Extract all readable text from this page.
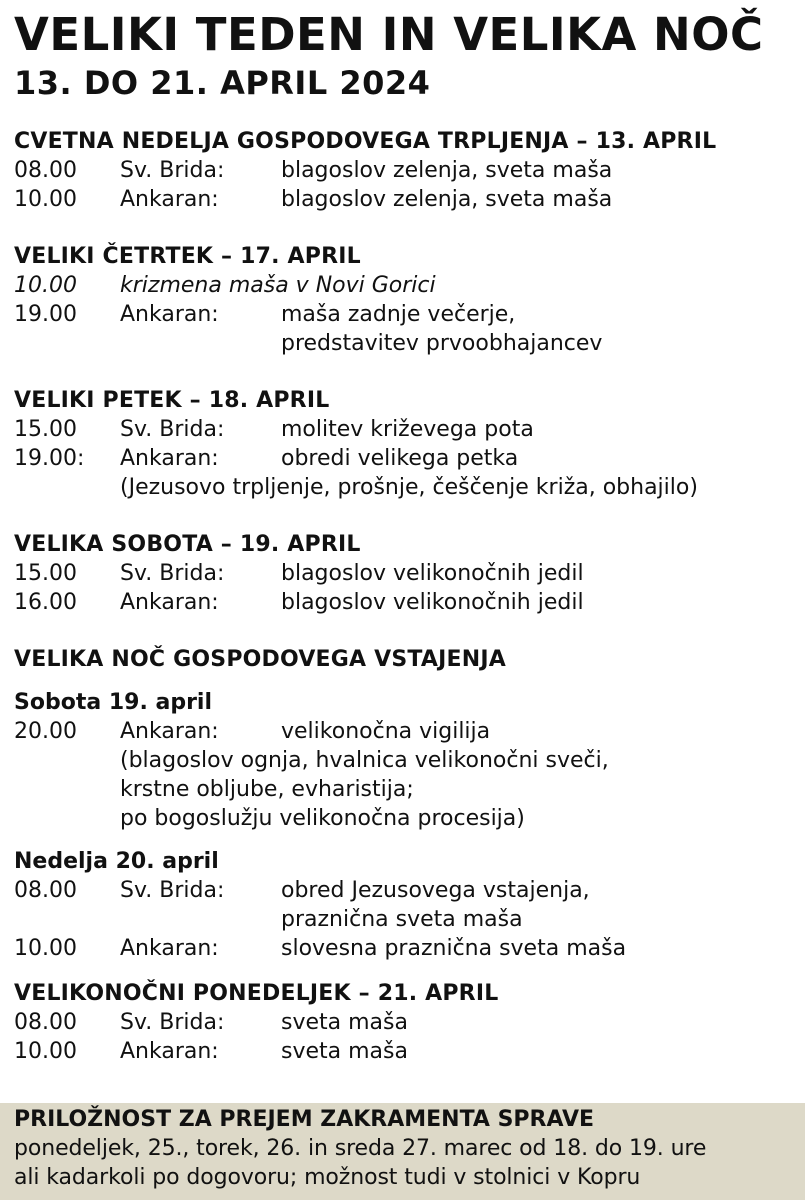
VELIKI TEDEN IN VELIKA NOČ
13. DO 21. APRIL 2024
CVETNA NEDELJA GOSPODOVEGA TRPLJENJA – 13. APRIL
08.00 Sv. Brida:	blagoslov zelenja, sveta maša
10.00 Ankaran:	blagoslov zelenja, sveta maša
VELIKI ČETRTEK – 17. APRIL
10.00	krizmena maša v Novi Gorici
19.00 Ankaran:	maša zadnje večerje,
predstavitev prvoobhajancev
VELIKI PETEK – 18. APRIL
15.00 Sv. Brida:	molitev križevega pota
19.00: Ankaran:	obredi velikega petka
(Jezusovo trpljenje, prošnje, češčenje križa, obhajilo)
VELIKA SOBOTA – 19. APRIL
15.00 Sv. Brida:	blagoslov velikonočnih jedil
16.00 Ankaran:	blagoslov velikonočnih jedil
VELIKA NOČ GOSPODOVEGA VSTAJENJA
Sobota 19. april
20.00 Ankaran:	velikonočna vigilija
(blagoslov ognja, hvalnica velikonočni sveči,
krstne obljube, evharistija;
po bogoslužju velikonočna procesija)
Nedelja 20. april
08.00 Sv. Brida:	obred Jezusovega vstajenja,
praznična sveta maša
10.00 Ankaran:	slovesna praznična sveta maša
VELIKONOČNI PONEDELJEK – 21. APRIL
08.00 Sv. Brida:	sveta maša
10.00 Ankaran:	sveta maša
PRILOŽNOST ZA PREJEM ZAKRAMENTA SPRAVE
ponedeljek, 25., torek, 26. in sreda 27. marec od 18. do 19. ure
ali kadarkoli po dogovoru; možnost tudi v stolnici v Kopru
